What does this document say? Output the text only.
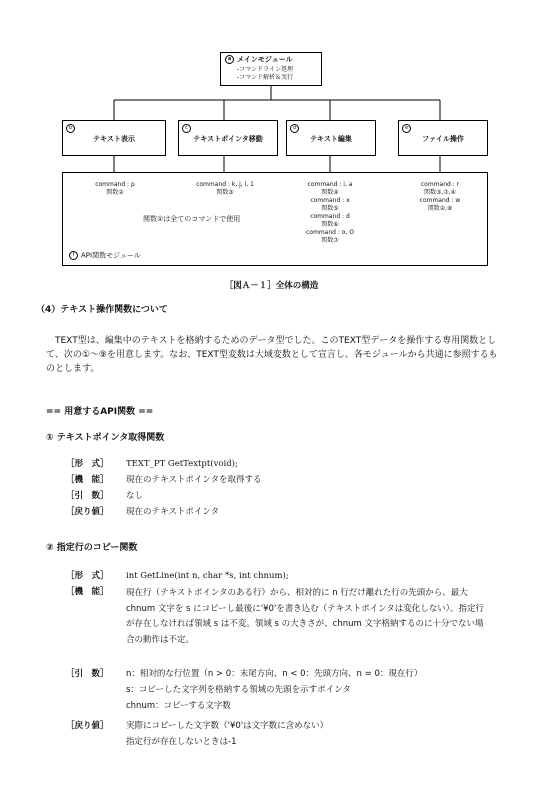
a メインモジュール
-コマンドライン処理
-コマンド解析＆実行
b
テキスト表示
c
テキストポインタ移動
d
テキスト編集
e
ファイル操作
command : p
関数②
command : k, j, l, 1
関数③
command : i, a
関数④
command : x
関数⑤
command : d
関数⑥
command : o, O
関数⑦
command : r
関数③,⑦,④
command : w
関数②,⑧
関数①は全てのコマンドで使用
f API関数モジュール
［図Ａ－１］全体の構造
（4）テキスト操作関数について
TEXT型は、編集中のテキストを格納するためのデータ型でした。このTEXT型データを操作する専用関数として、次の①～⑨を用意します。なお、TEXT型変数は大域変数として宣言し、各モジュールから共通に参照するものとします。
== 用意するAPI関数 ==
① テキストポインタ取得関数
［形　式］	TEXT_PT GetTextpt(void);
［機　能］	現在のテキストポインタを取得する
［引　数］	なし
［戻り値］	現在のテキストポインタ
② 指定行のコピー関数
［形　式］	int GetLine(int n, char *s, int chnum);
［機　能］	現在行（テキストポインタのある行）から、相対的に n 行だけ離れた行の先頭から、最大 chnum 文字を s にコピーし最後に'¥0'を書き込む（テキストポインタは変化しない）。指定行が存在しなければ領域 s は不変。領域 s の大きさが、chnum 文字格納するのに十分でない場合の動作は不定。
［引　数］	n：相対的な行位置（n > 0：末尾方向、n < 0：先頭方向、n = 0：現在行）
s：コピーした文字列を格納する領域の先頭を示すポインタ
chnum：コピーする文字数
［戻り値］	実際にコピーした文字数（'¥0'は文字数に含めない）
指定行が存在しないときは-1
